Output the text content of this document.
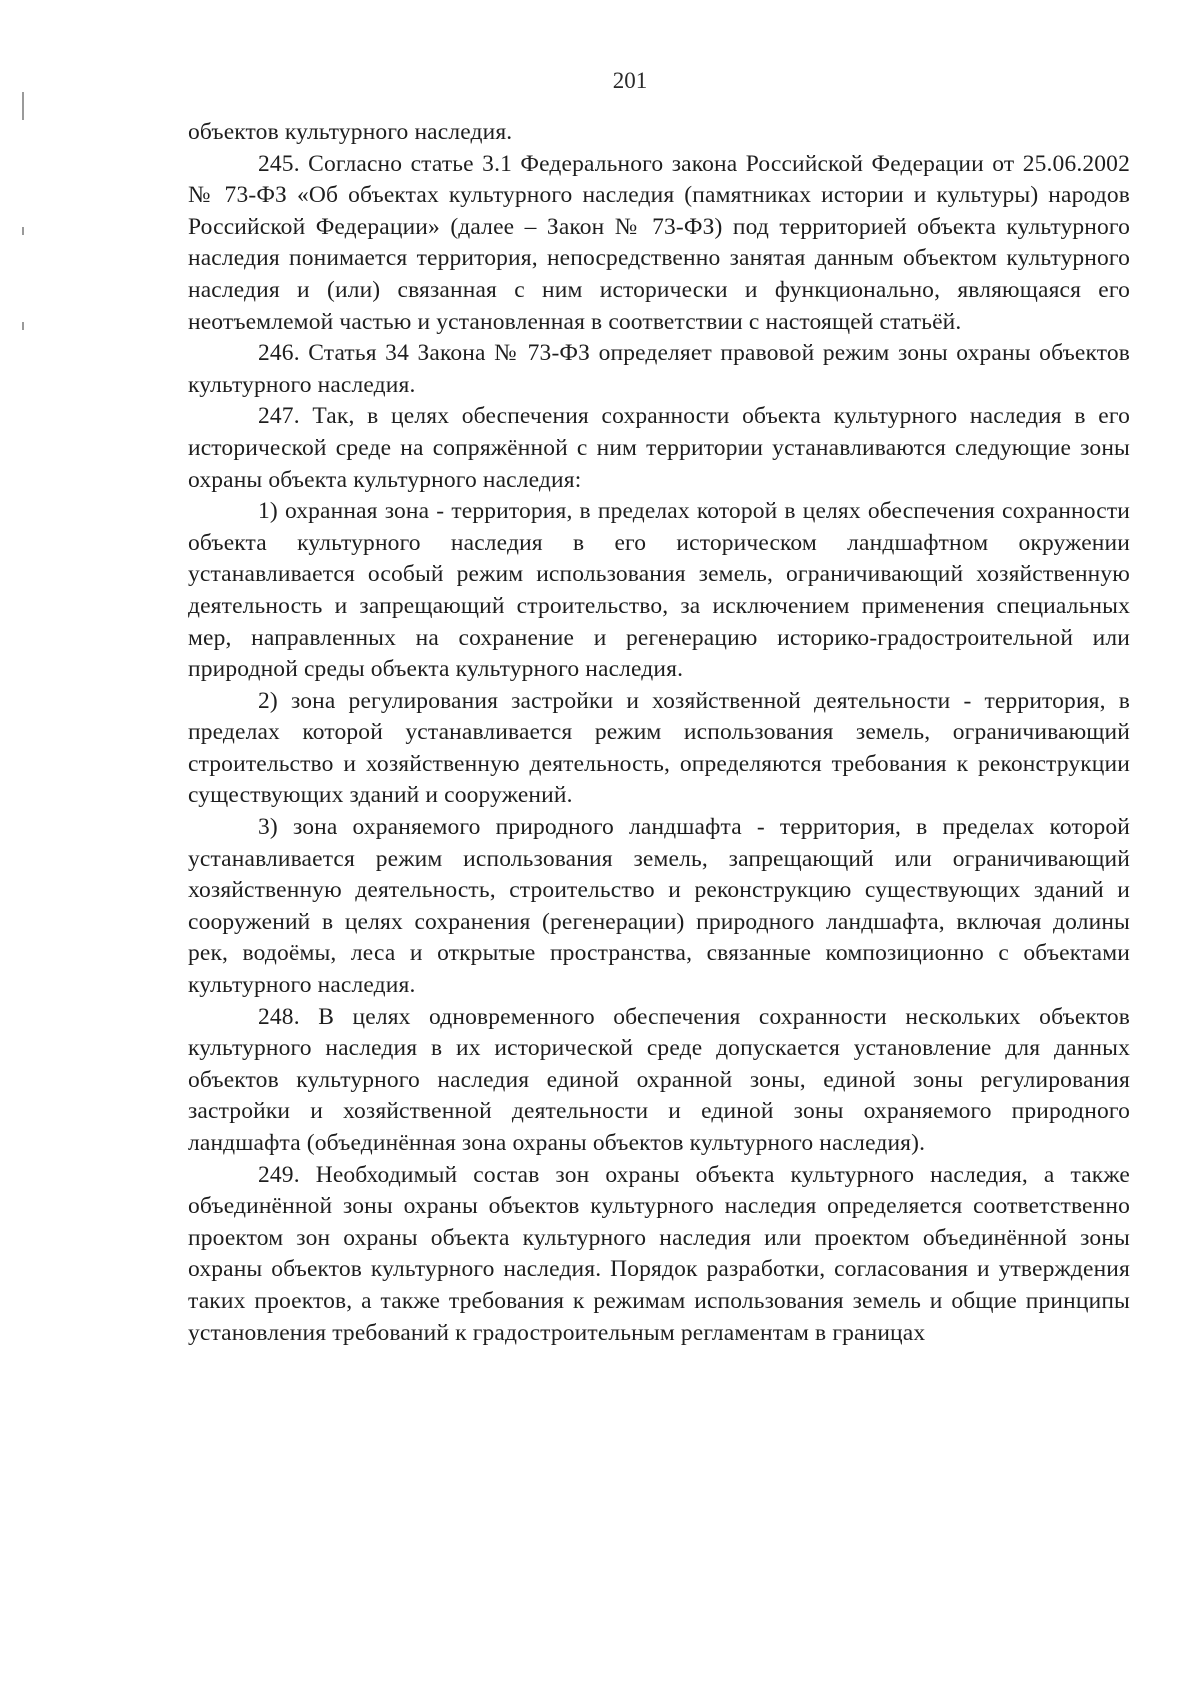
201

объектов культурного наследия.

245. Согласно статье 3.1 Федерального закона Российской Федерации от 25.06.2002 № 73-ФЗ «Об объектах культурного наследия (памятниках истории и культуры) народов Российской Федерации» (далее – Закон № 73-ФЗ) под территорией объекта культурного наследия понимается территория, непосредственно занятая данным объектом культурного наследия и (или) связанная с ним исторически и функционально, являющаяся его неотъемлемой частью и установленная в соответствии с настоящей статьёй.

246. Статья 34 Закона № 73-ФЗ определяет правовой режим зоны охраны объектов культурного наследия.

247. Так, в целях обеспечения сохранности объекта культурного наследия в его исторической среде на сопряжённой с ним территории устанавливаются следующие зоны охраны объекта культурного наследия:

1) охранная зона - территория, в пределах которой в целях обеспечения сохранности объекта культурного наследия в его историческом ландшафтном окружении устанавливается особый режим использования земель, ограничивающий хозяйственную деятельность и запрещающий строительство, за исключением применения специальных мер, направленных на сохранение и регенерацию историко-градостроительной или природной среды объекта культурного наследия.

2) зона регулирования застройки и хозяйственной деятельности - территория, в пределах которой устанавливается режим использования земель, ограничивающий строительство и хозяйственную деятельность, определяются требования к реконструкции существующих зданий и сооружений.

3) зона охраняемого природного ландшафта - территория, в пределах которой устанавливается режим использования земель, запрещающий или ограничивающий хозяйственную деятельность, строительство и реконструкцию существующих зданий и сооружений в целях сохранения (регенерации) природного ландшафта, включая долины рек, водоёмы, леса и открытые пространства, связанные композиционно с объектами культурного наследия.

248. В целях одновременного обеспечения сохранности нескольких объектов культурного наследия в их исторической среде допускается установление для данных объектов культурного наследия единой охранной зоны, единой зоны регулирования застройки и хозяйственной деятельности и единой зоны охраняемого природного ландшафта (объединённая зона охраны объектов культурного наследия).

249. Необходимый состав зон охраны объекта культурного наследия, а также объединённой зоны охраны объектов культурного наследия определяется соответственно проектом зон охраны объекта культурного наследия или проектом объединённой зоны охраны объектов культурного наследия. Порядок разработки, согласования и утверждения таких проектов, а также требования к режимам использования земель и общие принципы установления требований к градостроительным регламентам в границах
